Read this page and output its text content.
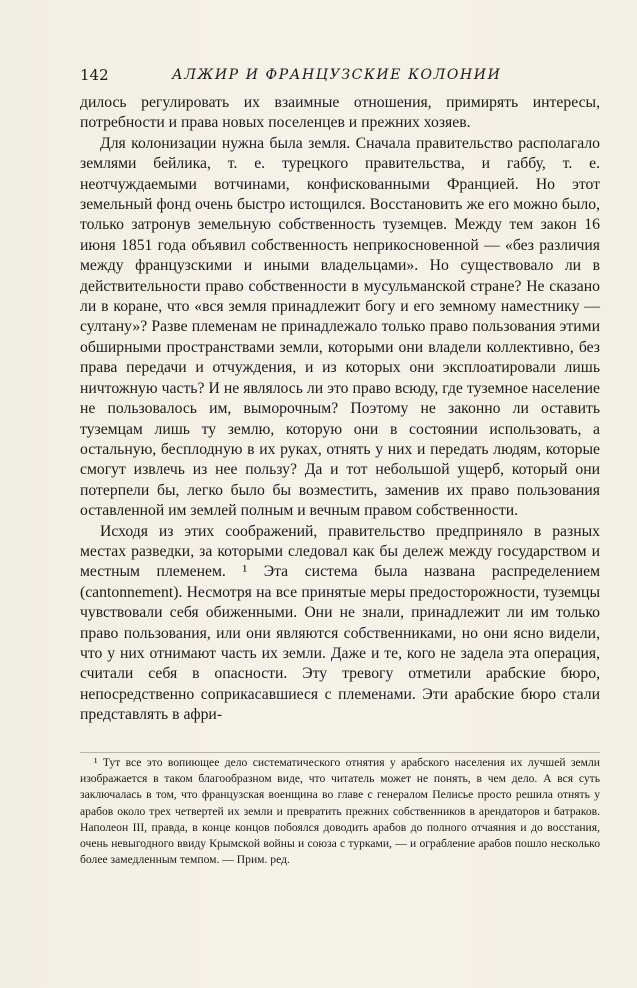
142	АЛЖИР И ФРАНЦУЗСКИЕ КОЛОНИИ

дилось регулировать их взаимные отношения, примирять интересы, потребности и права новых поселенцев и прежних хозяев.

Для колонизации нужна была земля. Сначала правительство располагало землями бейлика, т. е. турецкого правительства, и габбу, т. е. неотчуждаемыми вотчинами, конфискованными Францией. Но этот земельный фонд очень быстро истощился. Восстановить же его можно было, только затронув земельную собственность туземцев. Между тем закон 16 июня 1851 года объявил собственность неприкосновенной — «без различия между французскими и иными владельцами». Но существовало ли в действительности право собственности в мусульманской стране? Не сказано ли в коране, что «вся земля принадлежит богу и его земному наместнику — султану»? Разве племенам не принадлежало только право пользования этими обширными пространствами земли, которыми они владели коллективно, без права передачи и отчуждения, и из которых они эксплоатировали лишь ничтожную часть? И не являлось ли это право всюду, где туземное население не пользовалось им, выморочным? Поэтому не законно ли оставить туземцам лишь ту землю, которую они в состоянии использовать, а остальную, бесплодную в их руках, отнять у них и передать людям, которые смогут извлечь из нее пользу? Да и тот небольшой ущерб, который они потерпели бы, легко было бы возместить, заменив их право пользования оставленной им землей полным и вечным правом собственности.

Исходя из этих соображений, правительство предприняло в разных местах разведки, за которыми следовал как бы дележ между государством и местным племенем. ¹ Эта система была названа распределением (cantonnement). Несмотря на все принятые меры предосторожности, туземцы чувствовали себя обиженными. Они не знали, принадлежит ли им только право пользования, или они являются собственниками, но они ясно видели, что у них отнимают часть их земли. Даже и те, кого не задела эта операция, считали себя в опасности. Эту тревогу отметили арабские бюро, непосредственно соприкасавшиеся с племенами. Эти арабские бюро стали представлять в афри-

¹ Тут все это вопиющее дело систематического отнятия у арабского населения их лучшей земли изображается в таком благообразном виде, что читатель может не понять, в чем дело. А вся суть заключалась в том, что французская военщина во главе с генералом Пелисье просто решила отнять у арабов около трех четвертей их земли и превратить прежних собственников в арендаторов и батраков. Наполеон III, правда, в конце концов побоялся доводить арабов до полного отчаяния и до восстания, очень невыгодного ввиду Крымской войны и союза с турками, — и ограбление арабов пошло несколько более замедленным темпом. — Прим. ред.
